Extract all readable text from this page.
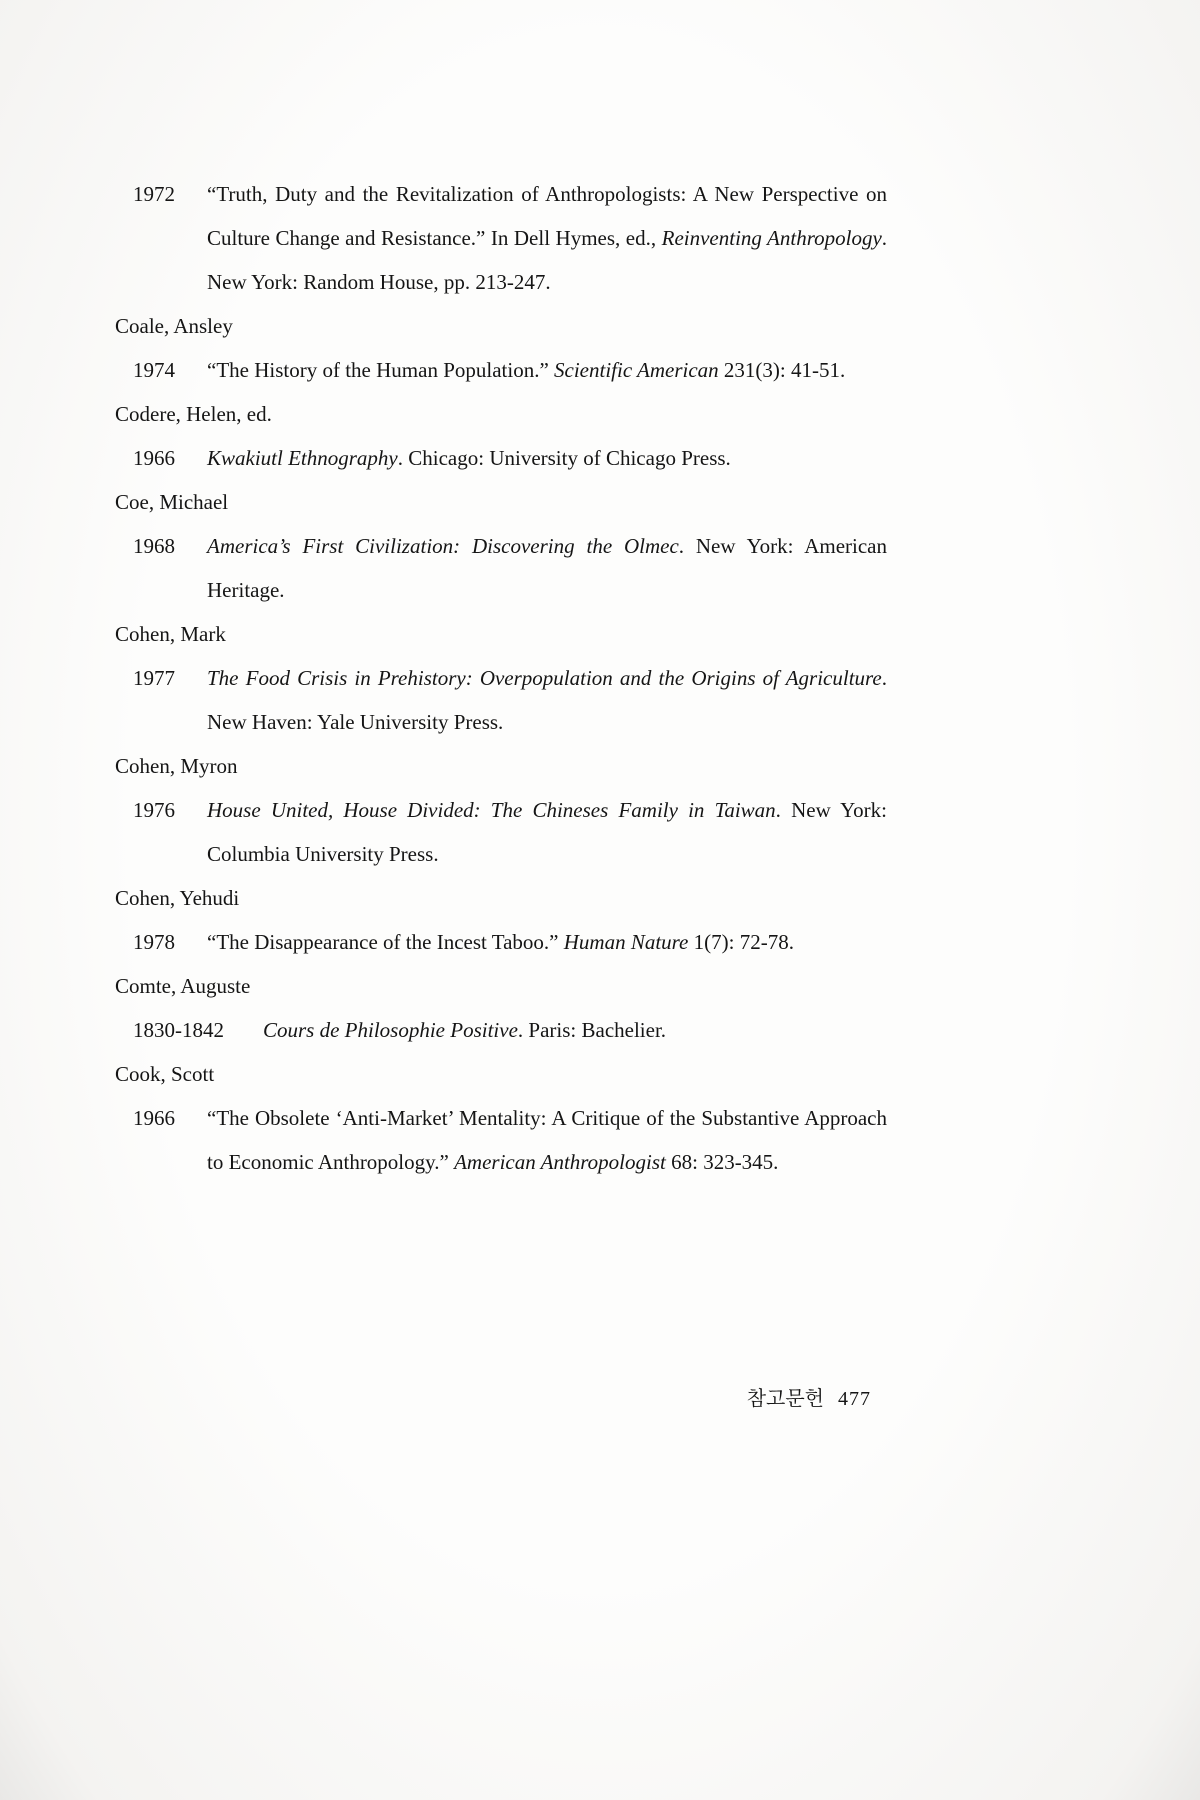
1972 “Truth, Duty and the Revitalization of Anthropologists: A New Perspective on Culture Change and Resistance.” In Dell Hymes, ed., Reinventing Anthropology. New York: Random House, pp. 213-247.
Coale, Ansley
1974 “The History of the Human Population.” Scientific American 231(3): 41-51.
Codere, Helen, ed.
1966 Kwakiutl Ethnography. Chicago: University of Chicago Press.
Coe, Michael
1968 America’s First Civilization: Discovering the Olmec. New York: American Heritage.
Cohen, Mark
1977 The Food Crisis in Prehistory: Overpopulation and the Origins of Agriculture. New Haven: Yale University Press.
Cohen, Myron
1976 House United, House Divided: The Chineses Family in Taiwan. New York: Columbia University Press.
Cohen, Yehudi
1978 “The Disappearance of the Incest Taboo.” Human Nature 1(7): 72-78.
Comte, Auguste
1830-1842 Cours de Philosophie Positive. Paris: Bachelier.
Cook, Scott
1966 “The Obsolete ‘Anti-Market’ Mentality: A Critique of the Substantive Approach to Economic Anthropology.” American Anthropologist 68: 323-345.
참고문헌 477
